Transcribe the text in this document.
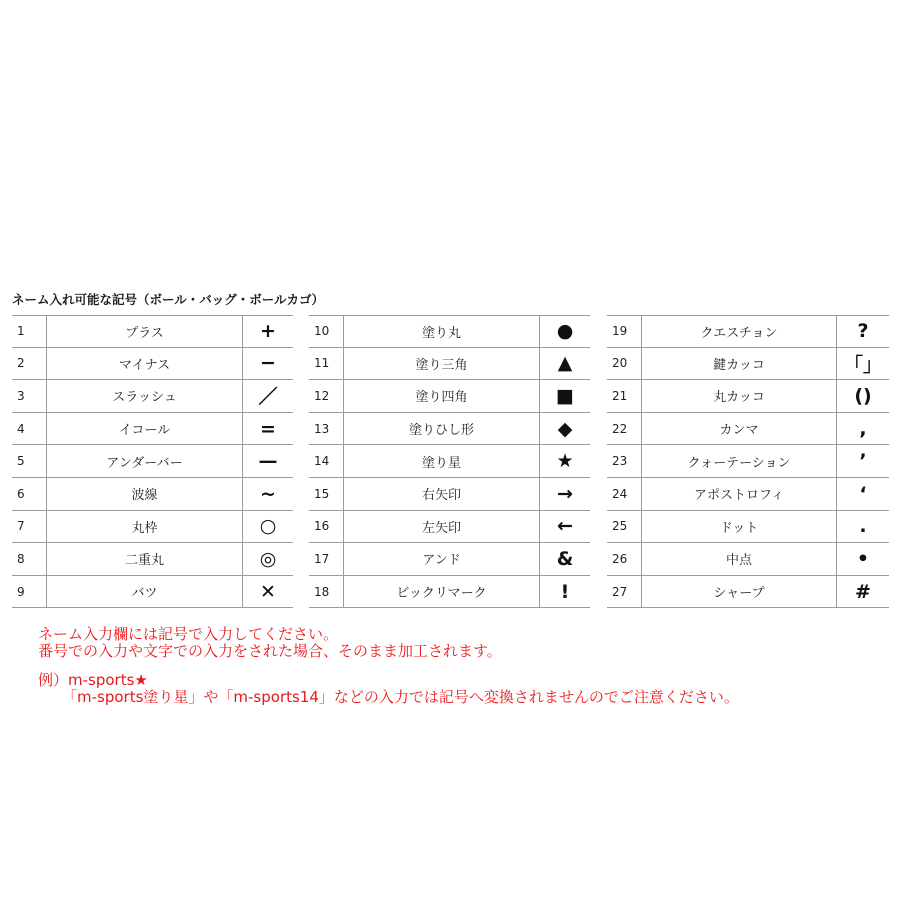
ネーム入れ可能な記号（ボール・バッグ・ボールカゴ）
1	プラス	+
2	マイナス	−
3	スラッシュ	／
4	イコール	=
5	アンダーバー	—
6	波線	~
7	丸枠	○
8	二重丸	◎
9	バツ	✕
10	塗り丸	●
11	塗り三角	▲
12	塗り四角	■
13	塗りひし形	◆
14	塗り星	★
15	右矢印	→
16	左矢印	←
17	アンド	&
18	ビックリマーク	!
19	クエスチョン	?
20	鍵カッコ	「」
21	丸カッコ	()
22	カンマ	,
23	クォーテーション	’
24	アポストロフィ	‘
25	ドット	.
26	中点	•
27	シャープ	#
ネーム入力欄には記号で入力してください。
番号での入力や文字での入力をされた場合、そのまま加工されます。
例）m-sports★
「m-sports塗り星」や「m-sports14」などの入力では記号へ変換されませんのでご注意ください。
